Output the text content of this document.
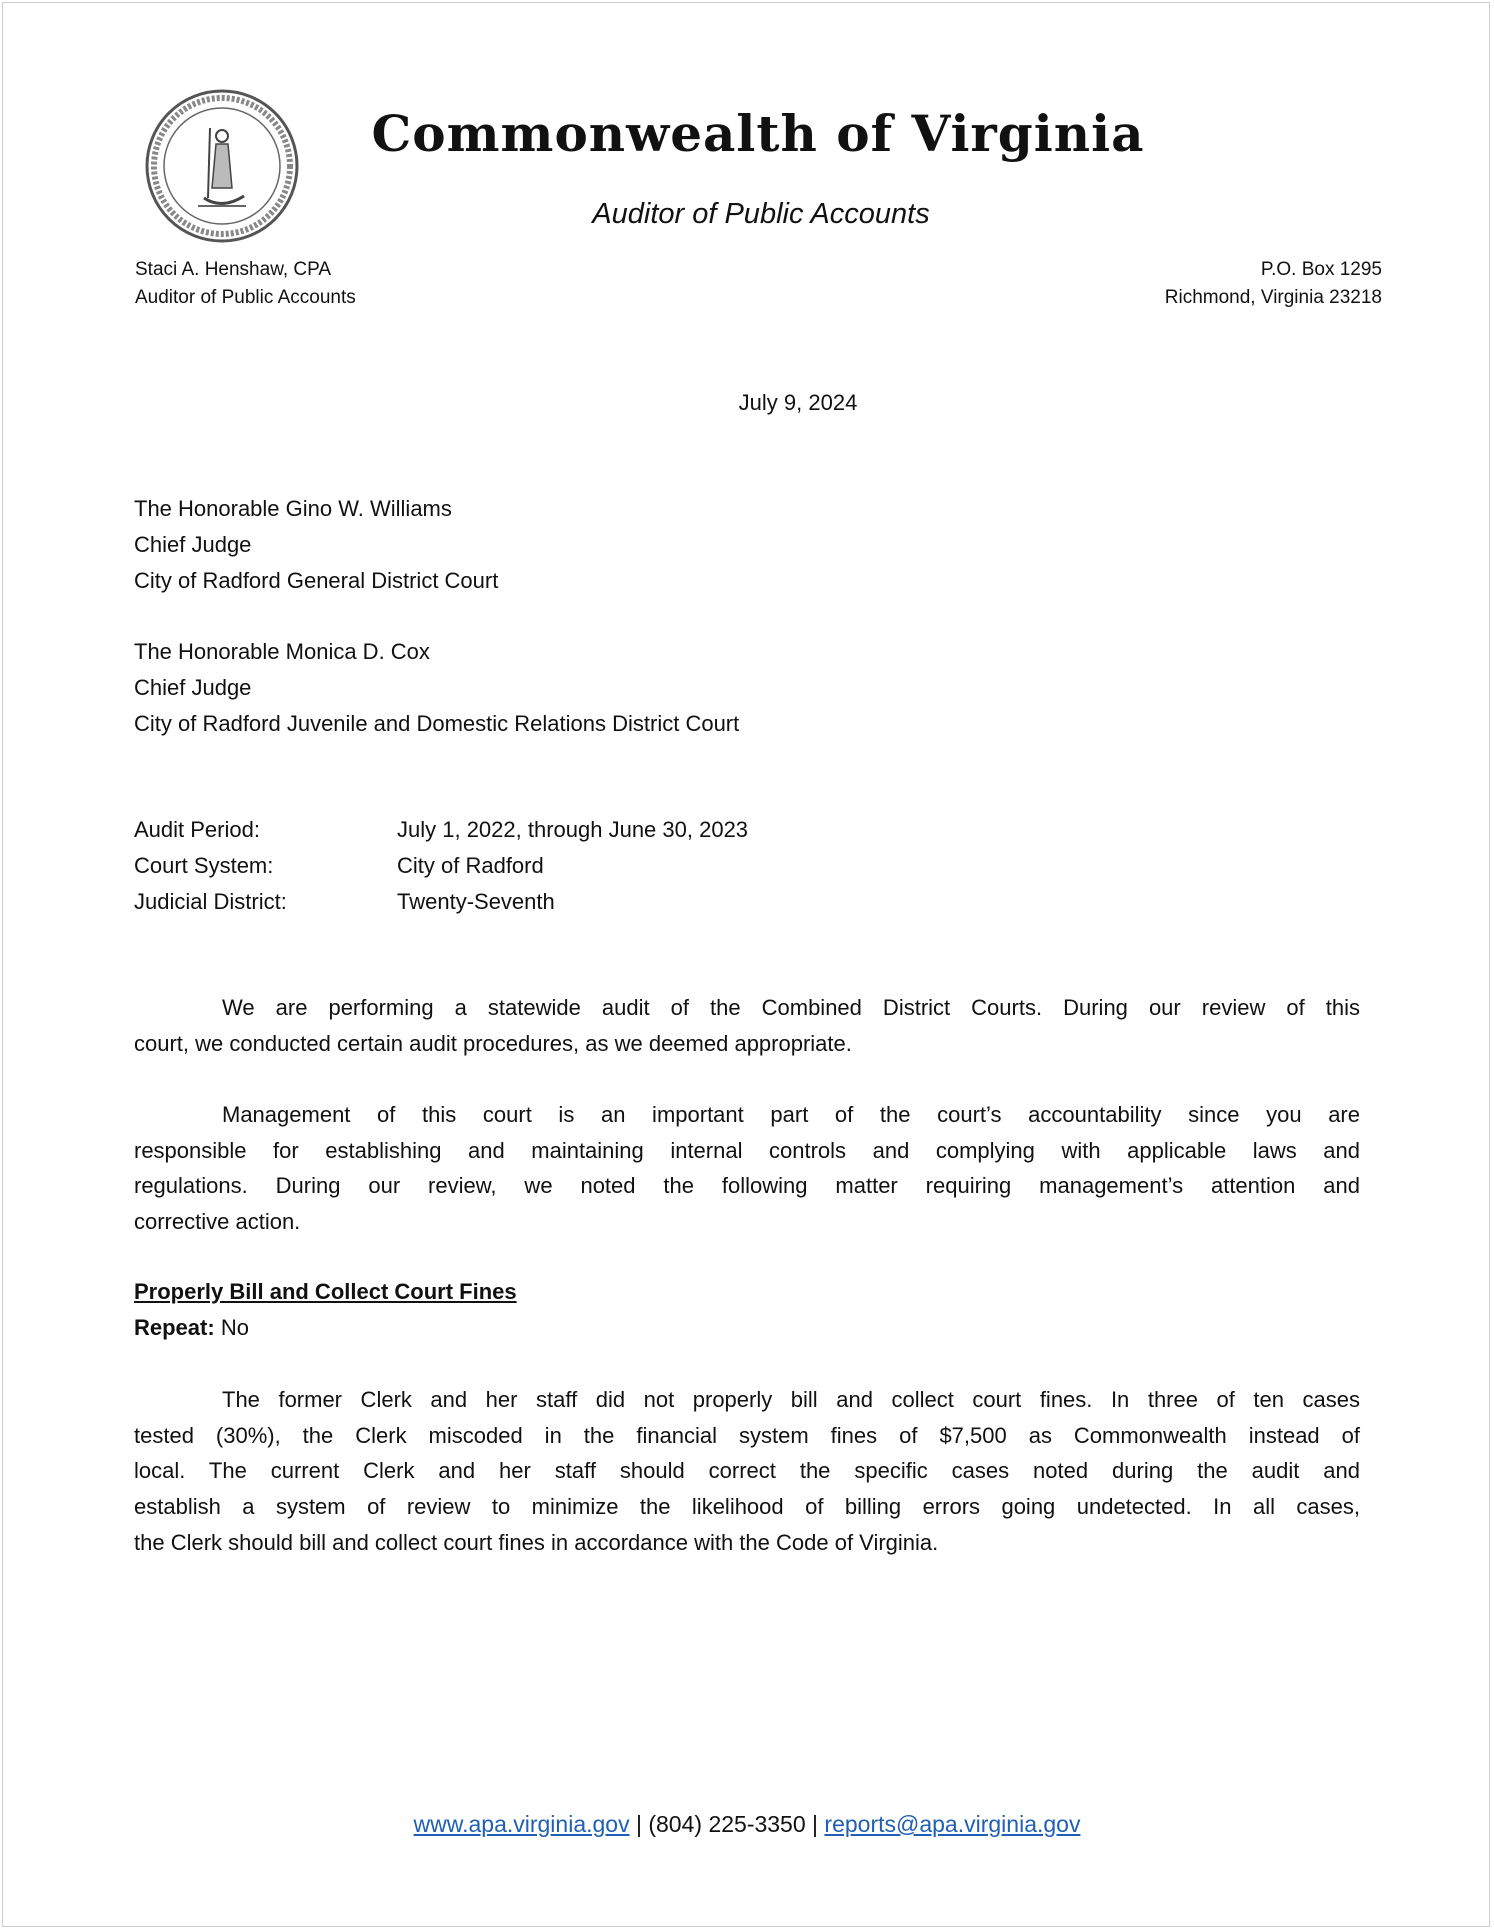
Commonwealth of Virginia
Auditor of Public Accounts
Staci A. Henshaw, CPA
Auditor of Public Accounts
P.O. Box 1295
Richmond, Virginia 23218
July 9, 2024
The Honorable Gino W. Williams
Chief Judge
City of Radford General District Court
The Honorable Monica D. Cox
Chief Judge
City of Radford Juvenile and Domestic Relations District Court
Audit Period:	July 1, 2022, through June 30, 2023
Court System:	City of Radford
Judicial District:	Twenty-Seventh
We are performing a statewide audit of the Combined District Courts. During our review of this
court, we conducted certain audit procedures, as we deemed appropriate.
Management of this court is an important part of the court’s accountability since you are
responsible for establishing and maintaining internal controls and complying with applicable laws and
regulations. During our review, we noted the following matter requiring management’s attention and
corrective action.
Properly Bill and Collect Court Fines
Repeat: No
The former Clerk and her staff did not properly bill and collect court fines. In three of ten cases
tested (30%), the Clerk miscoded in the financial system fines of $7,500 as Commonwealth instead of
local. The current Clerk and her staff should correct the specific cases noted during the audit and
establish a system of review to minimize the likelihood of billing errors going undetected. In all cases,
the Clerk should bill and collect court fines in accordance with the Code of Virginia.
www.apa.virginia.gov | (804) 225-3350 | reports@apa.virginia.gov
